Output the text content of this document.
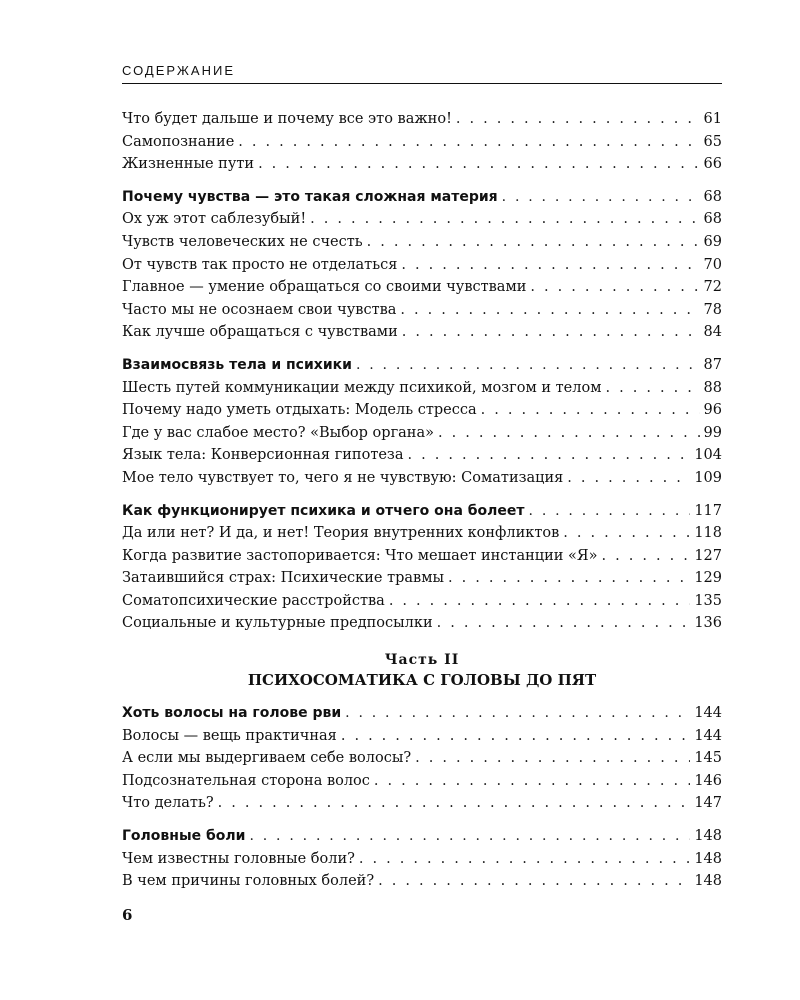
СОДЕРЖАНИЕ
Что будет дальше и почему все это важно! . . .	61
Самопознание . . .	65
Жизненные пути . . .	66
Почему чувства — это такая сложная материя . . .	68
Ох уж этот саблезубый! . . .	68
Чувств человеческих не счесть . . .	69
От чувств так просто не отделаться . . .	70
Главное — умение обращаться со своими чувствами . . .	72
Часто мы не осознаем свои чувства . . .	78
Как лучше обращаться с чувствами . . .	84
Взаимосвязь тела и психики . . .	87
Шесть путей коммуникации между психикой, мозгом и телом . . .	88
Почему надо уметь отдыхать: Модель стресса . . .	96
Где у вас слабое место? «Выбор органа» . . .	99
Язык тела: Конверсионная гипотеза . . .	104
Мое тело чувствует то, чего я не чувствую: Соматизация . . .	109
Как функционирует психика и отчего она болеет . . .	117
Да или нет? И да, и нет! Теория внутренних конфликтов . . .	118
Когда развитие застопоривается: Что мешает инстанции «Я» . . .	127
Затаившийся страх: Психические травмы . . .	129
Соматопсихические расстройства . . .	135
Социальные и культурные предпосылки . . .	136
Часть II
ПСИХОСОМАТИКА С ГОЛОВЫ ДО ПЯТ
Хоть волосы на голове рви . . .	144
Волосы — вещь практичная . . .	144
А если мы выдергиваем себе волосы? . . .	145
Подсознательная сторона волос . . .	146
Что делать? . . .	147
Головные боли . . .	148
Чем известны головные боли? . . .	148
В чем причины головных болей? . . .	148
6
